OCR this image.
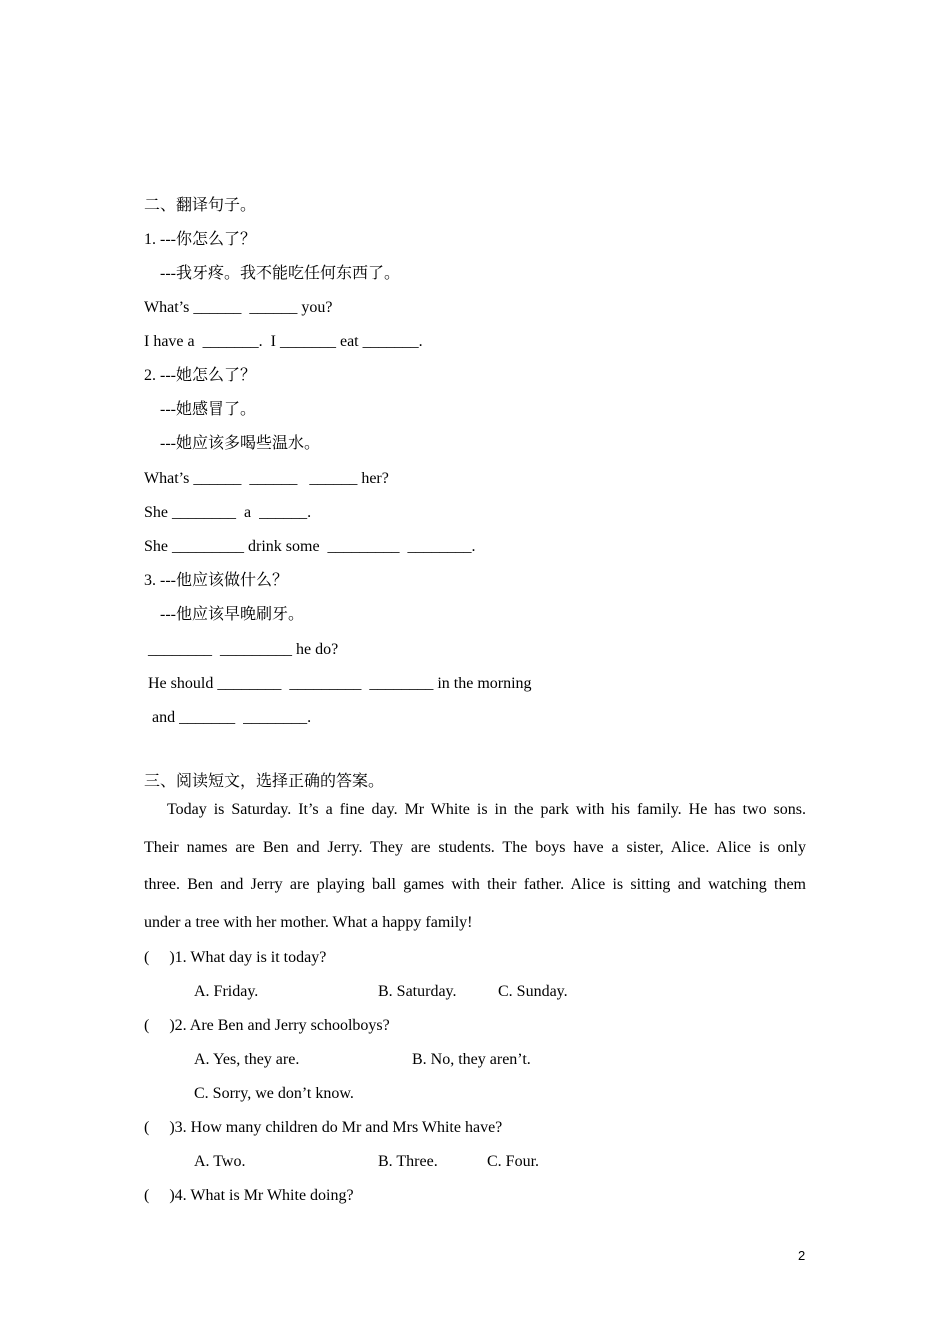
二、翻译句子。
1. ---你怎么了？
---我牙疼。我不能吃任何东西了。
What’s ______  ______ you?
I have a  _______.  I _______ eat _______.
2. ---她怎么了？
---她感冒了。
---她应该多喝些温水。
What’s ______  ______   ______ her?
She ________  a  ______.
She _________ drink some  _________  ________.
3. ---他应该做什么？
---他应该早晚刷牙。
________  _________ he do?
He should ________  _________  ________ in the morning
and _______  ________.
三、阅读短文，选择正确的答案。
Today is Saturday. It’s a fine day. Mr White is in the park with his family. He has two sons.
Their names are Ben and Jerry. They are students. The boys have a sister, Alice. Alice is only
three. Ben and Jerry are playing ball games with their father. Alice is sitting and watching them
under a tree with her mother. What a happy family!
(     )1. What day is it today?
A. Friday.	B. Saturday.	C. Sunday.
(     )2. Are Ben and Jerry schoolboys?
A. Yes, they are.	B. No, they aren’t.
C. Sorry, we don’t know.
(     )3. How many children do Mr and Mrs White have?
A. Two.	B. Three.	C. Four.
(     )4. What is Mr White doing?
2
